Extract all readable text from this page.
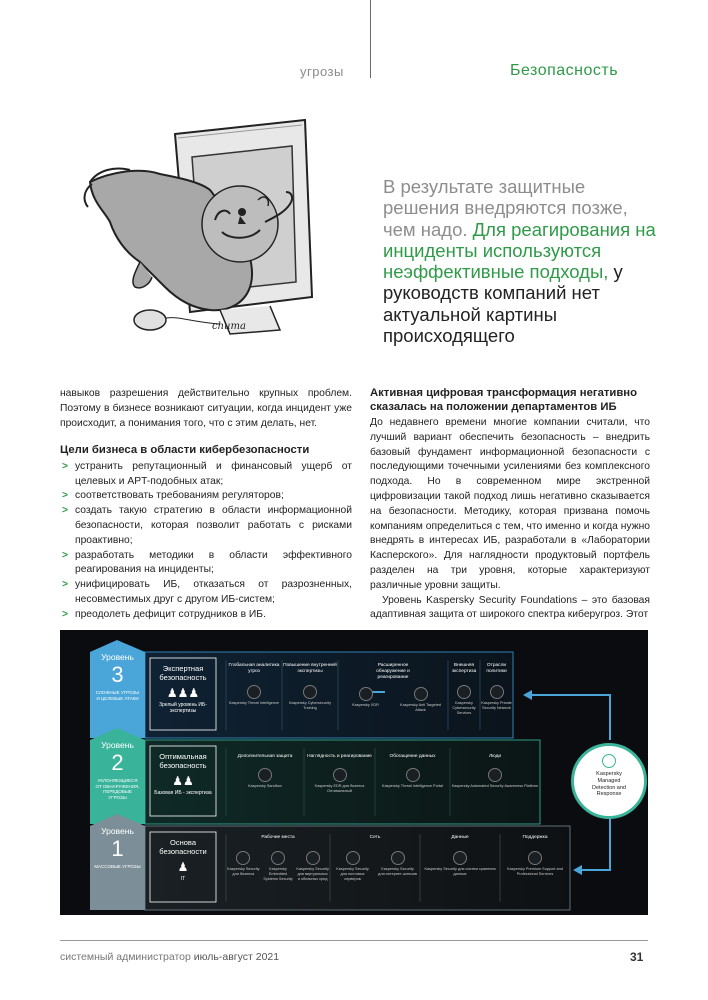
угрозы	Безопасность
chuma
В результате защитные решения внедряются позже, чем надо. Для реагирования на инциденты используются неэффективные подходы, у руководств компаний нет актуальной картины происходящего

навыков разрешения действительно крупных проблем. Поэтому в бизнесе возникают ситуации, когда инцидент уже происходит, а понимания того, что с этим делать, нет.

Цели бизнеса в области кибербезопасности
> устранить репутационный и финансовый ущерб от целевых и APT-подобных атак;
> соответствовать требованиям регуляторов;
> создать такую стратегию в области информационной безопасности, которая позволит работать с рисками проактивно;
> разработать методики в области эффективного реагирования на инциденты;
> унифицировать ИБ, отказаться от разрозненных, несовместимых друг с другом ИБ-систем;
> преодолеть дефицит сотрудников в ИБ.
Активная цифровая трансформация негативно сказалась на положении департаментов ИБ

До недавнего времени многие компании считали, что лучший вариант обеспечить безопасность – внедрить базовый фундамент информационной безопасности с последующими точечными усилениями без комплексного подхода. Но в современном мире экстренной цифровизации такой подход лишь негативно сказывается на безопасности. Методику, которая призвана помочь компаниям определиться с тем, что именно и когда нужно внедрять в интересах ИБ, разработали в «Лаборатории Касперского». Для наглядности продуктовый портфель разделен на три уровня, которые характеризуют различные уровни защиты.

Уровень Kaspersky Security Foundations – это базовая адаптивная защита от широкого спектра киберугроз. Этот

Уровень
3
СЛОЖНЫЕ УГРОЗЫ И ЦЕЛЕВЫЕ АТАКИ
Уровень
2
УКЛОНЯЮЩИЕСЯ ОТ ОБНАРУЖЕНИЯ, ПЕРЕДОВЫЕ УГРОЗЫ
Уровень
1
МАССОВЫЕ УГРОЗЫ
Экспертная безопасность
♟♟♟
Зрелый уровень ИБ- экспертизы
Оптимальная безопасность
♟♟
Базовая ИБ - экспертиза
Основа безопасности
♟
IT
Глобальная аналитика угроз
Kaspersky Threat Intelligence
Повышение внутренней экспертизы
Kaspersky Cybersecurity Training
Расширенное обнаружение и реагирование
Kaspersky XDR	Kaspersky Anti Targeted Attack
Внешняя экспертиза
Kaspersky Cybersecurity Services
Отрасли политики
Kaspersky Private Security Network
Дополнительная защита
Kaspersky Sandbox
Наглядность и реагирование
Kaspersky EDR для бизнеса Оптимальный
Обогащение данных
Kaspersky Threat Intelligence Portal
Люди
Kaspersky Automated Security Awareness Platform
Рабочие места
Kaspersky Security для бизнеса
Kaspersky Embedded Systems Security
Kaspersky Security для виртуальных и облачных сред
Сеть
Kaspersky Security для почтовых серверов
Kaspersky Security для интернет-шлюзов
Данные
Kaspersky Security для систем хранения данных
Поддержка
Kaspersky Premium Support and Professional Services
Kaspersky
Managed
Detection and
Response
системный администратор июль-август 2021	31
